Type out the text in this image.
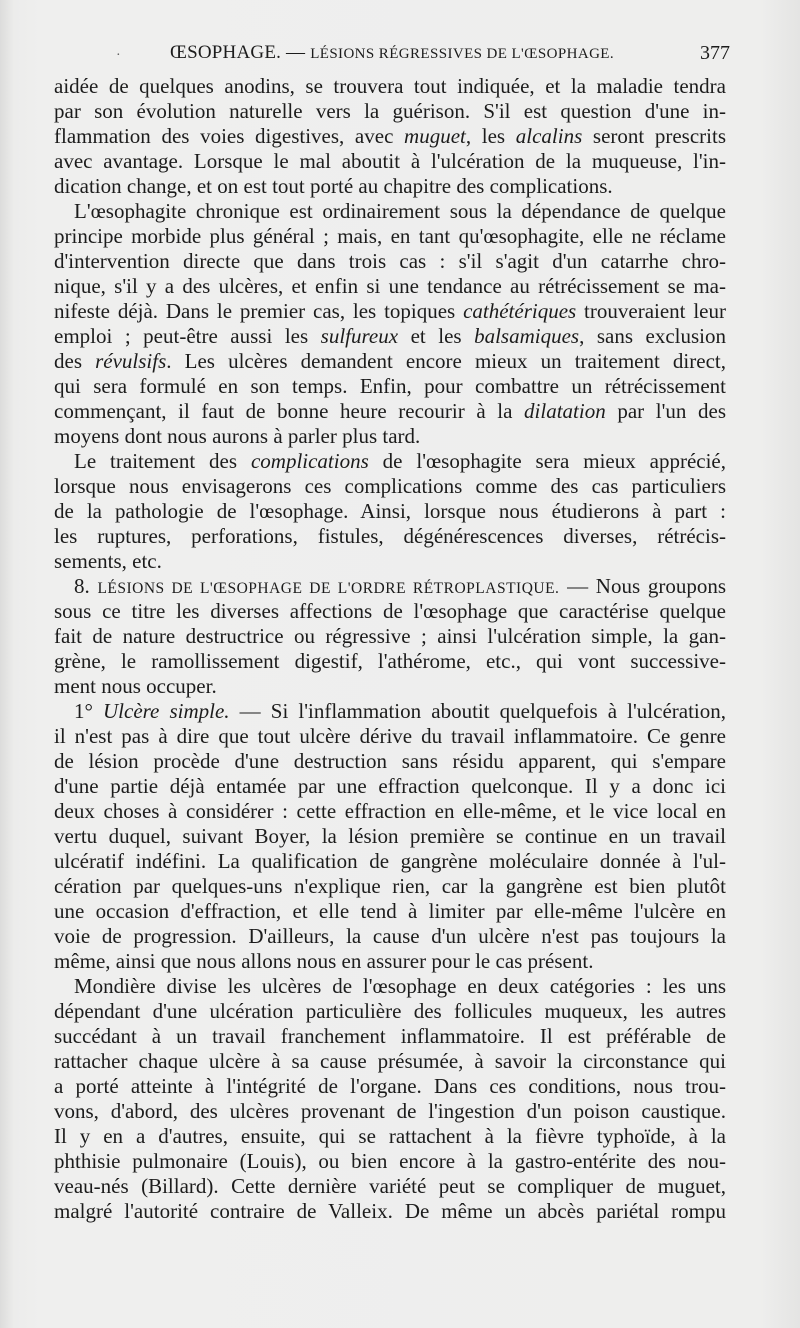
·	ŒSOPHAGE. — LÉSIONS RÉGRESSIVES DE L'ŒSOPHAGE.	377
aidée de quelques anodins, se trouvera tout indiquée, et la maladie tendra
par son évolution naturelle vers la guérison. S'il est question d'une in-
flammation des voies digestives, avec muguet, les alcalins seront prescrits
avec avantage. Lorsque le mal aboutit à l'ulcération de la muqueuse, l'in-
dication change, et on est tout porté au chapitre des complications.
L'œsophagite chronique est ordinairement sous la dépendance de quelque
principe morbide plus général ; mais, en tant qu'œsophagite, elle ne réclame
d'intervention directe que dans trois cas : s'il s'agit d'un catarrhe chro-
nique, s'il y a des ulcères, et enfin si une tendance au rétrécissement se ma-
nifeste déjà. Dans le premier cas, les topiques cathétériques trouveraient leur
emploi ; peut-être aussi les sulfureux et les balsamiques, sans exclusion
des révulsifs. Les ulcères demandent encore mieux un traitement direct,
qui sera formulé en son temps. Enfin, pour combattre un rétrécissement
commençant, il faut de bonne heure recourir à la dilatation par l'un des
moyens dont nous aurons à parler plus tard.
Le traitement des complications de l'œsophagite sera mieux apprécié,
lorsque nous envisagerons ces complications comme des cas particuliers
de la pathologie de l'œsophage. Ainsi, lorsque nous étudierons à part :
les ruptures, perforations, fistules, dégénérescences diverses, rétrécis-
sements, etc.
8. LÉSIONS DE L'ŒSOPHAGE DE L'ORDRE RÉTROPLASTIQUE. — Nous groupons
sous ce titre les diverses affections de l'œsophage que caractérise quelque
fait de nature destructrice ou régressive ; ainsi l'ulcération simple, la gan-
grène, le ramollissement digestif, l'athérome, etc., qui vont successive-
ment nous occuper.
1° Ulcère simple. — Si l'inflammation aboutit quelquefois à l'ulcération,
il n'est pas à dire que tout ulcère dérive du travail inflammatoire. Ce genre
de lésion procède d'une destruction sans résidu apparent, qui s'empare
d'une partie déjà entamée par une effraction quelconque. Il y a donc ici
deux choses à considérer : cette effraction en elle-même, et le vice local en
vertu duquel, suivant Boyer, la lésion première se continue en un travail
ulcératif indéfini. La qualification de gangrène moléculaire donnée à l'ul-
cération par quelques-uns n'explique rien, car la gangrène est bien plutôt
une occasion d'effraction, et elle tend à limiter par elle-même l'ulcère en
voie de progression. D'ailleurs, la cause d'un ulcère n'est pas toujours la
même, ainsi que nous allons nous en assurer pour le cas présent.
Mondière divise les ulcères de l'œsophage en deux catégories : les uns
dépendant d'une ulcération particulière des follicules muqueux, les autres
succédant à un travail franchement inflammatoire. Il est préférable de
rattacher chaque ulcère à sa cause présumée, à savoir la circonstance qui
a porté atteinte à l'intégrité de l'organe. Dans ces conditions, nous trou-
vons, d'abord, des ulcères provenant de l'ingestion d'un poison caustique.
Il y en a d'autres, ensuite, qui se rattachent à la fièvre typhoïde, à la
phthisie pulmonaire (Louis), ou bien encore à la gastro-entérite des nou-
veau-nés (Billard). Cette dernière variété peut se compliquer de muguet,
malgré l'autorité contraire de Valleix. De même un abcès pariétal rompu
